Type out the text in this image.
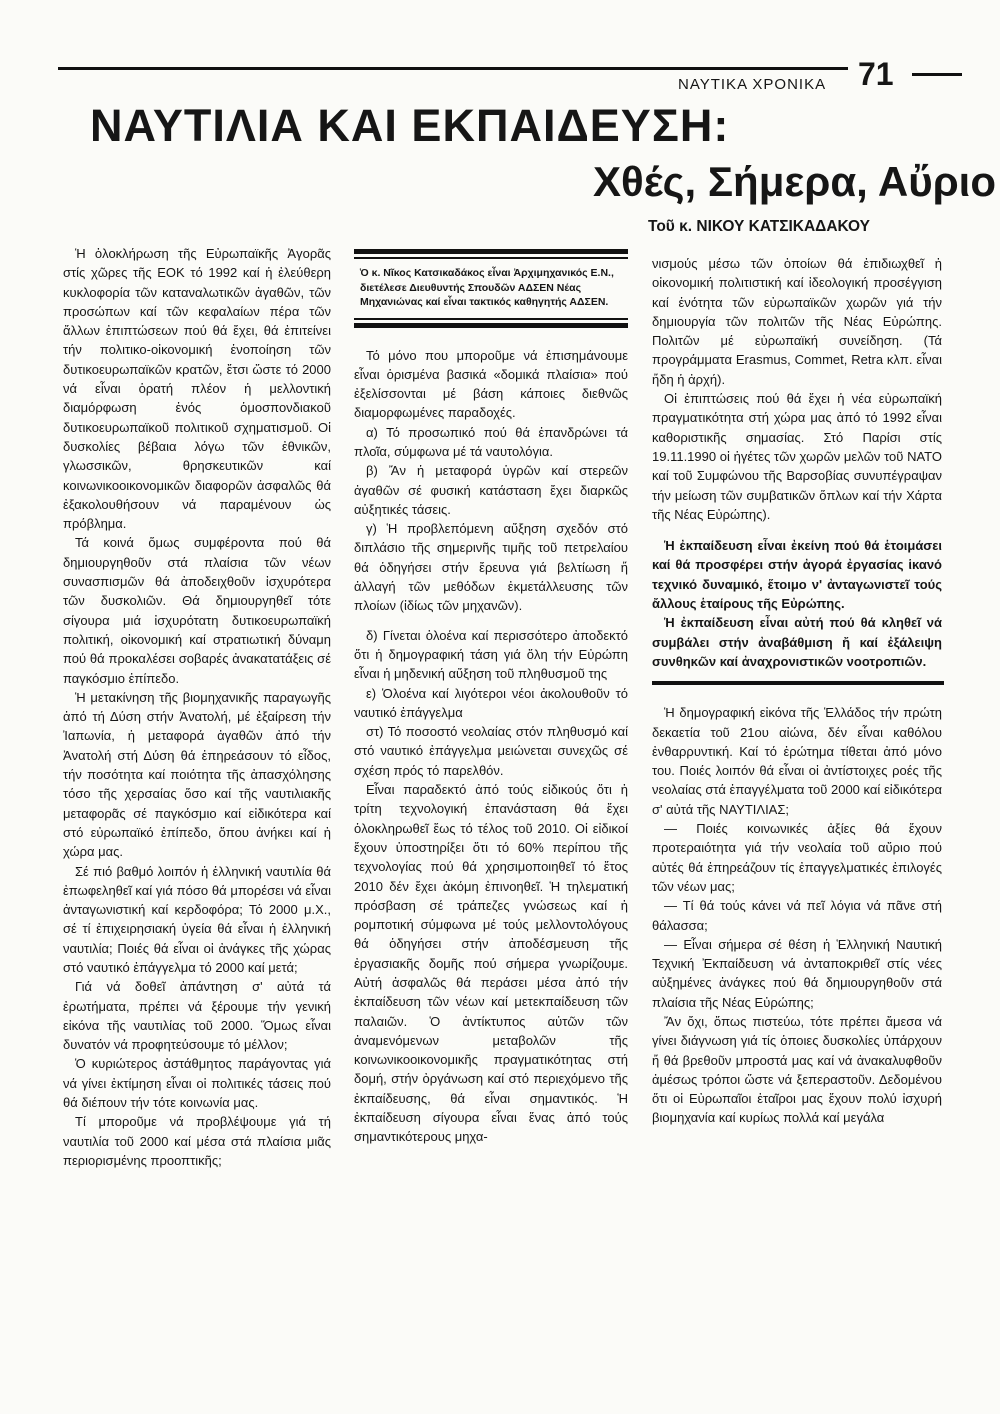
ΝΑΥΤΙΚΑ ΧΡΟΝΙΚΑ 71
ΝΑΥΤΙΛΙΑ ΚΑΙ ΕΚΠΑΙΔΕΥΣΗ:
Χθές, Σήμερα, Αὔριο
Τοῦ κ. ΝΙΚΟΥ ΚΑΤΣΙΚΑΔΑΚΟΥ

Ἡ ὁλοκλήρωση τῆς Εὐρωπαϊκῆς Ἀγορᾶς στίς χῶρες τῆς ΕΟΚ τό 1992 καί ἡ ἐλεύθερη κυκλοφορία τῶν καταναλωτικῶν ἀγαθῶν, τῶν προσώπων καί τῶν κεφαλαίων πέρα τῶν ἄλλων ἐπιπτώσεων πού θά ἔχει, θά ἐπιτείνει τήν πολιτικο-οἰκονομική ἑνοποίηση τῶν δυτικοευρωπαϊκῶν κρατῶν, ἔτσι ὥστε τό 2000 νά εἶναι ὁρατή πλέον ἡ μελλοντική διαμόρφωση ἑνός ὁμοσπονδιακοῦ δυτικοευρωπαϊκοῦ πολιτικοῦ σχηματισμοῦ. Οἱ δυσκολίες βέβαια λόγω τῶν ἐθνικῶν, γλωσσικῶν, θρησκευτικῶν καί κοινωνικοοικονομικῶν διαφορῶν ἀσφαλῶς θά ἐξακολουθήσουν νά παραμένουν ὡς πρόβλημα.

Τά κοινά ὅμως συμφέροντα πού θά δημιουργηθοῦν στά πλαίσια τῶν νέων συνασπισμῶν θά ἀποδειχθοῦν ἰσχυρότερα τῶν δυσκολιῶν. Θά δημιουργηθεῖ τότε σίγουρα μιά ἰσχυρότατη δυτικοευρωπαϊκή πολιτική, οἰκονομική καί στρατιωτική δύναμη πού θά προκαλέσει σοβαρές ἀνακατατάξεις σέ παγκόσμιο ἐπίπεδο.

Ἡ μετακίνηση τῆς βιομηχανικῆς παραγωγῆς ἀπό τή Δύση στήν Ἀνατολή, μέ ἐξαίρεση τήν Ἰαπωνία, ἡ μεταφορά ἀγαθῶν ἀπό τήν Ἀνατολή στή Δύση θά ἐπηρεάσουν τό εἶδος, τήν ποσότητα καί ποιότητα τῆς ἀπασχόλησης τόσο τῆς χερσαίας ὅσο καί τῆς ναυτιλιακῆς μεταφορᾶς σέ παγκόσμιο καί εἰδικότερα καί στό εὐρωπαϊκό ἐπίπεδο, ὅπου ἀνήκει καί ἡ χώρα μας.

Σέ πιό βαθμό λοιπόν ἡ ἑλληνική ναυτιλία θά ἐπωφεληθεῖ καί γιά πόσο θά μπορέσει νά εἶναι ἀνταγωνιστική καί κερδοφόρα; Τό 2000 μ.Χ., σέ τί ἐπιχειρησιακή ὑγεία θά εἶναι ἡ ἑλληνική ναυτιλία; Ποιές θά εἶναι οἱ ἀνάγκες τῆς χώρας στό ναυτικό ἐπάγγελμα τό 2000 καί μετά;

Γιά νά δοθεῖ ἀπάντηση σ' αὐτά τά ἐρωτήματα, πρέπει νά ξέρουμε τήν γενική εἰκόνα τῆς ναυτιλίας τοῦ 2000. Ὅμως εἶναι δυνατόν νά προφητεύσουμε τό μέλλον;

Ὁ κυριώτερος ἀστάθμητος παράγοντας γιά νά γίνει ἐκτίμηση εἶναι οἱ πολιτικές τάσεις πού θά διέπουν τήν τότε κοινωνία μας.

Τί μποροῦμε νά προβλέψουμε γιά τή ναυτιλία τοῦ 2000 καί μέσα στά πλαίσια μιᾶς περιορισμένης προοπτικῆς;

Ὁ κ. Νῖκος Κατσικαδάκος εἶναι Ἀρχιμηχανικός Ε.Ν., διετέλεσε Διευθυντής Σπουδῶν ΑΔΣΕΝ Νέας Μηχανιώνας καί εἶναι τακτικός καθηγητής ΑΔΣΕΝ.

Τό μόνο που μποροῦμε νά ἐπισημάνουμε εἶναι ὁρισμένα βασικά «δομικά πλαίσια» πού ἐξελίσσονται μέ βάση κάποιες διεθνῶς διαμορφωμένες παραδοχές.

α) Τό προσωπικό πού θά ἐπανδρώνει τά πλοῖα, σύμφωνα μέ τά ναυτολόγια.

β) Ἄν ἡ μεταφορά ὑγρῶν καί στερεῶν ἀγαθῶν σέ φυσική κατάσταση ἔχει διαρκῶς αὐξητικές τάσεις.

γ) Ἡ προβλεπόμενη αὔξηση σχεδόν στό διπλάσιο τῆς σημερινῆς τιμῆς τοῦ πετρελαίου θά ὁδηγήσει στήν ἔρευνα γιά βελτίωση ἤ ἀλλαγή τῶν μεθόδων ἐκμετάλλευσης τῶν πλοίων (ἰδίως τῶν μηχανῶν).

δ) Γίνεται ὁλοένα καί περισσότερο ἀποδεκτό ὅτι ἡ δημογραφική τάση γιά ὅλη τήν Εὐρώπη εἶναι ἡ μηδενική αὔξηση τοῦ πληθυσμοῦ της

ε) Ὁλοένα καί λιγότεροι νέοι ἀκολουθοῦν τό ναυτικό ἐπάγγελμα

στ) Τό ποσοστό νεολαίας στόν πληθυσμό καί στό ναυτικό ἐπάγγελμα μειώνεται συνεχῶς σέ σχέση πρός τό παρελθόν.

Εἶναι παραδεκτό ἀπό τούς εἰδικούς ὅτι ἡ τρίτη τεχνολογική ἐπανάσταση θά ἔχει ὁλοκληρωθεῖ ἕως τό τέλος τοῦ 2010. Οἱ εἰδικοί ἔχουν ὑποστηρίξει ὅτι τό 60% περίπου τῆς τεχνολογίας πού θά χρησιμοποιηθεῖ τό ἔτος 2010 δέν ἔχει ἀκόμη ἐπινοηθεῖ. Ἡ τηλεματική πρόσβαση σέ τράπεζες γνώσεως καί ἡ ρομποτική σύμφωνα μέ τούς μελλοντολόγους θά ὁδηγήσει στήν ἀποδέσμευση τῆς ἐργασιακῆς δομῆς πού σήμερα γνωρίζουμε. Αὐτή ἀσφαλῶς θά περάσει μέσα ἀπό τήν ἐκπαίδευση τῶν νέων καί μετεκπαίδευση τῶν παλαιῶν. Ὁ ἀντίκτυπος αὐτῶν τῶν ἀναμενόμενων μεταβολῶν τῆς κοινωνικοοικονομικῆς πραγματικότητας στή δομή, στήν ὀργάνωση καί στό περιεχόμενο τῆς ἐκπαίδευσης, θά εἶναι σημαντικός. Ἡ ἐκπαίδευση σίγουρα εἶναι ἕνας ἀπό τούς σημαντικότερους μηχα-

νισμούς μέσω τῶν ὁποίων θά ἐπιδιωχθεῖ ἡ οἰκονομική πολιτιστική καί ἰδεολογική προσέγγιση καί ἑνότητα τῶν εὐρωπαϊκῶν χωρῶν γιά τήν δημιουργία τῶν πολιτῶν τῆς Νέας Εὐρώπης. Πολιτῶν μέ εὐρωπαϊκή συνείδηση. (Τά προγράμματα Erasmus, Commet, Retra κλπ. εἶναι ἤδη ἡ ἀρχή).

Οἱ ἐπιπτώσεις πού θά ἔχει ἡ νέα εὐρωπαϊκή πραγματικότητα στή χώρα μας ἀπό τό 1992 εἶναι καθοριστικῆς σημασίας. Στό Παρίσι στίς 19.11.1990 οἱ ἡγέτες τῶν χωρῶν μελῶν τοῦ ΝΑΤΟ καί τοῦ Συμφώνου τῆς Βαρσοβίας συνυπέγραψαν τήν μείωση τῶν συμβατικῶν ὅπλων καί τήν Χάρτα τῆς Νέας Εὐρώπης).

Ἡ ἐκπαίδευση εἶναι ἐκείνη πού θά ἑτοιμάσει καί θά προσφέρει στήν ἀγορά ἐργασίας ἱκανό τεχνικό δυναμικό, ἕτοιμο ν' ἀνταγωνιστεῖ τούς ἄλλους ἑταίρους τῆς Εὐρώπης.

Ἡ ἐκπαίδευση εἶναι αὐτή πού θά κληθεῖ νά συμβάλει στήν ἀναβάθμιση ἤ καί ἐξάλειψη συνθηκῶν καί ἀναχρονιστικῶν νοοτροπιῶν.

Ἡ δημογραφική εἰκόνα τῆς Ἑλλάδος τήν πρώτη δεκαετία τοῦ 21ου αἰώνα, δέν εἶναι καθόλου ἐνθαρρυντική. Καί τό ἐρώτημα τίθεται ἀπό μόνο του. Ποιές λοιπόν θά εἶναι οἱ ἀντίστοιχες ροές τῆς νεολαίας στά ἐπαγγέλματα τοῦ 2000 καί εἰδικότερα σ' αὐτά τῆς ΝΑΥΤΙΛΙΑΣ;

— Ποιές κοινωνικές ἀξίες θά ἔχουν προτεραιότητα γιά τήν νεολαία τοῦ αὔριο πού αὐτές θά ἐπηρεάζουν τίς ἐπαγγελματικές ἐπιλογές τῶν νέων μας;

— Τί θά τούς κάνει νά πεῖ λόγια νά πᾶνε στή θάλασσα;

— Εἶναι σήμερα σέ θέση ἡ Ἑλληνική Ναυτική Τεχνική Ἐκπαίδευση νά ἀνταποκριθεῖ στίς νέες αὐξημένες ἀνάγκες πού θά δημιουργηθοῦν στά πλαίσια τῆς Νέας Εὐρώπης;

Ἄν ὄχι, ὅπως πιστεύω, τότε πρέπει ἄμεσα νά γίνει διάγνωση γιά τίς ὁποιες δυσκολίες ὑπάρχουν ἤ θά βρεθοῦν μπροστά μας καί νά ἀνακαλυφθοῦν ἀμέσως τρόποι ὥστε νά ξεπεραστοῦν. Δεδομένου ὅτι οἱ Εὐρωπαῖοι ἑταῖροι μας ἔχουν πολύ ἰσχυρή βιομηχανία καί κυρίως πολλά καί μεγάλα
